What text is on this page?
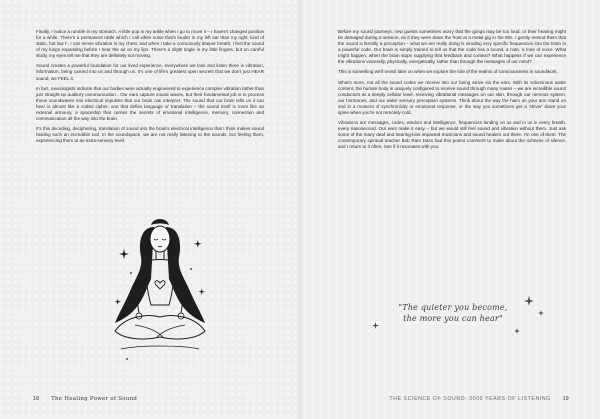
Finally, I notice a rumble in my stomach. A little pop in my ankle when I go to move it – I haven't changed position for a while. There's a permanent rattle which I call white noise that's louder in my left ear than my right, kind of static, but low f-. I can sense vibration in my chest, and when I take a consciously deeper breath, I feel the sound of my lungs expanding before I hear the air on my lips. There's a slight tingle in my little fingers, but on careful study, my eyes tell me that they are definitely not moving.

Sound creates a powerful foundation for our lived experience, everywhere we look and listen there is vibration, information, being carried into us and through us. It's one of life's greatest open secrets that we don't just HEAR sound, we FEEL it.

In fact, neurologists indicate that our bodies were actually engineered to experience complex vibration rather than just straight-up auditory communication . Our ears capture sound waves, but their fundamental job is to process those soundwaves into electrical impulses that our brain can interpret. The sound that our brain tells us it can hear is almost like a coded cipher, one that defies language or translation – the sound itself is more like an external armoury, a spaceship that carries the secrets of emotional intelligence, memory, connection and communication all the way into the brain.

It's this decoding, deciphering, translation of sound into the brain's electrical intelligence that I think makes sound healing such an incredible tool. In the soundspace, we are not really listening to the sounds, but feeling them, experiencing them at an extra-sensory level.

18 The Healing Power of Sound

Before my sound journeys, new guests sometimes worry that the gongs may be too loud, or their hearing might be damaged during a session, as if they were down the front at a metal gig in the 90s. I gently remind them that the sound is literally a perception – what we are really doing is sending very specific frequencies into the brain in a powerful code. Our brain is simply trained to tell us that the code has a sound, a note, a tone of voice. What might happen, when the brain stops supplying that feedback and context? What happens if we can experience the vibrations viscerally, physically, energetically, rather than through the messages of our mind?

This is something we'll revisit later on when we explore the role of the realms of consciousness in soundwork.

What's more, not all the sound codes we receive into our being arrive via the ears. With its voluminous water content, the human body is uniquely configured to receive sound through many routes – we are incredible sound conductors at a deeply cellular level, receiving vibrational messages on our skin, through our nervous system, our hormones, and our wider sensory perception systems. Think about the way the hairs on your arm stand on end in a moment of synchronicity or emotional response, or the way you sometimes get a 'shiver' down your spine when you're not remotely cold.

Vibrations are messages, codes, wisdom and intelligence, frequencies landing on us and in us in every breath, every nanosecond. Our ears make it easy – but we would still feel sound and vibration without them. Just ask some of the many deaf and hearing-loss impacted musicians and sound healers out there. I'm one of them. The contemporary spiritual teacher Bob Ram Dass had this potent comment to make about the richness of silence, and I return to it often. See if it resonates with you:

"The quieter you become,
the more you can hear"
THE SCIENCE OF SOUND: 3000 YEARS OF LISTENING 19
